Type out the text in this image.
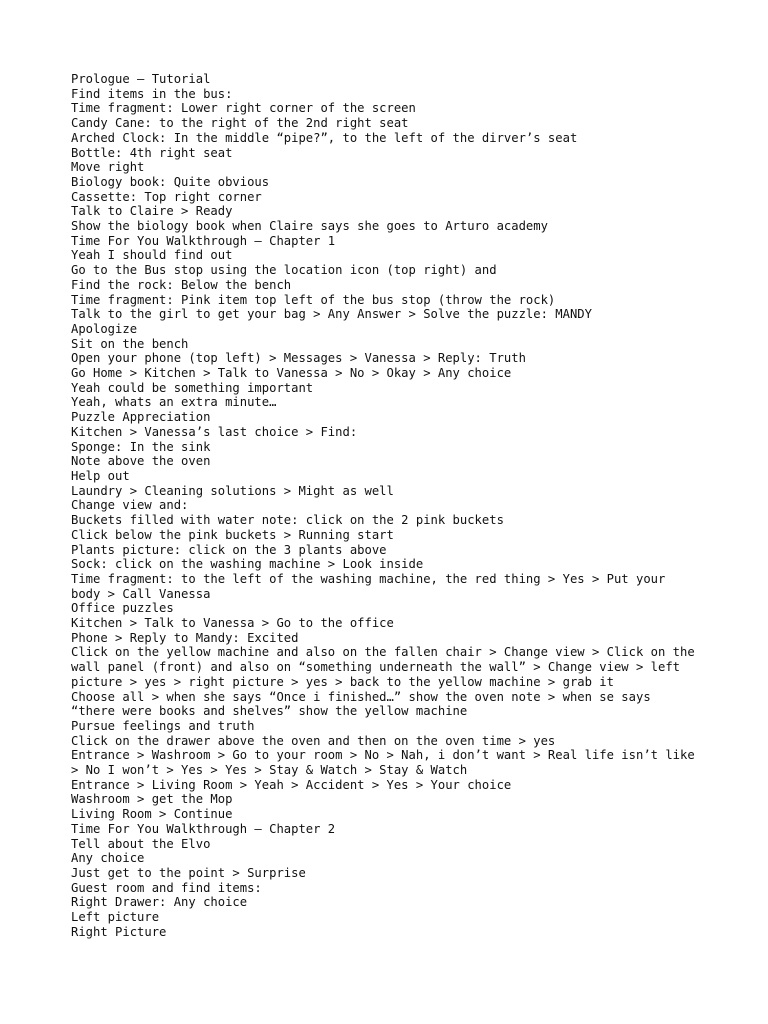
Prologue – Tutorial
Find items in the bus:
Time fragment: Lower right corner of the screen
Candy Cane: to the right of the 2nd right seat
Arched Clock: In the middle “pipe?”, to the left of the dirver’s seat
Bottle: 4th right seat
Move right
Biology book: Quite obvious
Cassette: Top right corner
Talk to Claire > Ready
Show the biology book when Claire says she goes to Arturo academy
Time For You Walkthrough – Chapter 1
Yeah I should find out
Go to the Bus stop using the location icon (top right) and
Find the rock: Below the bench
Time fragment: Pink item top left of the bus stop (throw the rock)
Talk to the girl to get your bag > Any Answer > Solve the puzzle: MANDY
Apologize
Sit on the bench
Open your phone (top left) > Messages > Vanessa > Reply: Truth
Go Home > Kitchen > Talk to Vanessa > No > Okay > Any choice
Yeah could be something important
Yeah, whats an extra minute…
Puzzle Appreciation
Kitchen > Vanessa’s last choice > Find:
Sponge: In the sink
Note above the oven
Help out
Laundry > Cleaning solutions > Might as well
Change view and:
Buckets filled with water note: click on the 2 pink buckets
Click below the pink buckets > Running start
Plants picture: click on the 3 plants above
Sock: click on the washing machine > Look inside
Time fragment: to the left of the washing machine, the red thing > Yes > Put your body > Call Vanessa
Office puzzles
Kitchen > Talk to Vanessa > Go to the office
Phone > Reply to Mandy: Excited
Click on the yellow machine and also on the fallen chair > Change view > Click on the wall panel (front) and also on “something underneath the wall” > Change view > left picture > yes > right picture > yes > back to the yellow machine > grab it
Choose all > when she says “Once i finished…” show the oven note > when se says “there were books and shelves” show the yellow machine
Pursue feelings and truth
Click on the drawer above the oven and then on the oven time > yes
Entrance > Washroom > Go to your room > No > Nah, i don’t want > Real life isn’t like > No I won’t > Yes > Yes > Stay & Watch > Stay & Watch
Entrance > Living Room > Yeah > Accident > Yes > Your choice
Washroom > get the Mop
Living Room > Continue
Time For You Walkthrough – Chapter 2
Tell about the Elvo
Any choice
Just get to the point > Surprise
Guest room and find items:
Right Drawer: Any choice
Left picture
Right Picture
